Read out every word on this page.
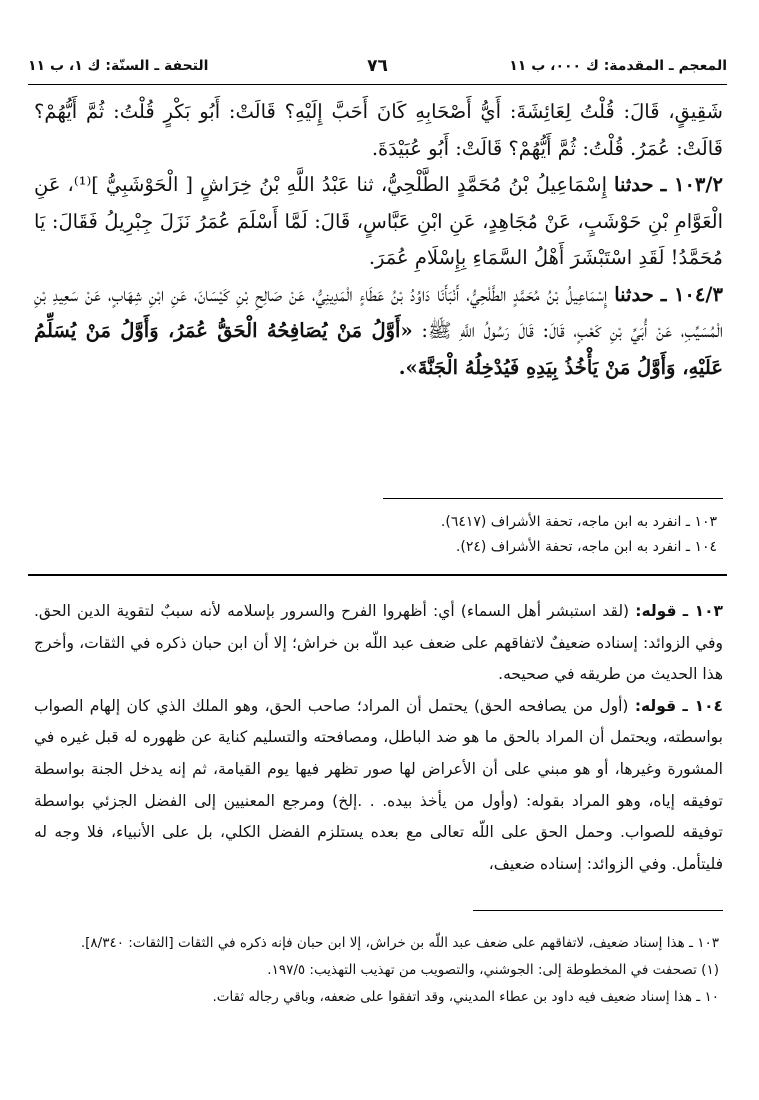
المعجم ـ المقدمة: ك ٠٠٠، ب ١١
٧٦
التحفة ـ السنّة: ك ١، ب ١١

شَقِيقٍ، قَالَ: قُلْتُ لِعَائِشَةَ: أَيُّ أَصْحَابِهِ كَانَ أَحَبَّ إِلَيْهِ؟ قَالَتْ: أَبُو بَكْرٍ قُلْتُ: ثُمَّ أَيُّهُمْ؟ قَالَتْ: عُمَرُ. قُلْتُ: ثُمَّ أَيُّهُمْ؟ قَالَتْ: أَبُو عُبَيْدَةَ.

١٠٣/٢ ـ حدثنا إِسْمَاعِيلُ بْنُ مُحَمَّدٍ الطَّلْحِيُّ، ثنا عَبْدُ اللَّهِ بْنُ خِرَاشٍ [ الْحَوْشَبِيُّ ]⁽¹⁾، عَنِ الْعَوَّامِ بْنِ حَوْشَبٍ، عَنْ مُجَاهِدٍ، عَنِ ابْنِ عَبَّاسٍ، قَالَ: لَمَّا أَسْلَمَ عُمَرُ نَزَلَ جِبْرِيلُ فَقَالَ: يَا مُحَمَّدُ! لَقَدِ اسْتَبْشَرَ أَهْلُ السَّمَاءِ بِإِسْلَامِ عُمَرَ.

١٠٤/٣ ـ حدثنا إِسْمَاعِيلُ بْنُ مُحَمَّدٍ الطَّلْحِيُّ، أَنْبَأَنَا دَاوُدُ بْنُ عَطَاءٍ الْمَدِينِيُّ، عَنْ صَالِحِ بْنِ كَيْسَانَ، عَنِ ابْنِ شِهَابٍ، عَنْ سَعِيدِ بْنِ الْمُسَيِّبِ، عَنْ أُبَيِّ بْنِ كَعْبٍ، قَالَ: قَالَ رَسُولُ اللَّهِ ﷺ: «أَوَّلُ مَنْ يُصَافِحُهُ الْحَقُّ عُمَرُ، وَأَوَّلُ مَنْ يُسَلِّمُ عَلَيْهِ، وَأَوَّلُ مَنْ يَأْخُذُ بِيَدِهِ فَيُدْخِلُهُ الْجَنَّةَ».

١٠٣ ـ انفرد به ابن ماجه، تحفة الأشراف (٦٤١٧).

١٠٤ ـ انفرد به ابن ماجه، تحفة الأشراف (٢٤).

١٠٣ ـ قوله: (لقد استبشر أهل السماء) أي: أظهروا الفرح والسرور بإسلامه لأنه سببٌ لتقوية الدين الحق. وفي الزوائد: إسناده ضعيفٌ لاتفاقهم على ضعف عبد اللّه بن خراش؛ إلا أن ابن حبان ذكره في الثقات، وأخرج هذا الحديث من طريقه في صحيحه.

١٠٤ ـ قوله: (أول من يصافحه الحق) يحتمل أن المراد؛ صاحب الحق، وهو الملك الذي كان إلهام الصواب بواسطته، ويحتمل أن المراد بالحق ما هو ضد الباطل، ومصافحته والتسليم كناية عن ظهوره له قبل غيره في المشورة وغيرها، أو هو مبني على أن الأعراض لها صور تظهر فيها يوم القيامة، ثم إنه يدخل الجنة بواسطة توفيقه إياه، وهو المراد بقوله: (وأول من يأخذ بيده. . .إلخ) ومرجع المعنيين إلى الفضل الجزئي بواسطة توفيقه للصواب. وحمل الحق على اللّه تعالى مع بعده يستلزم الفضل الكلي، بل على الأنبياء، فلا وجه له فليتأمل. وفي الزوائد: إسناده ضعيف،

١٠٣ ـ هذا إسناد ضعيف، لاتفاقهم على ضعف عبد اللّه بن خراش، إلا ابن حبان فإنه ذكره في الثقات [الثقات: ٨/٣٤٠].

(١) تصحفت في المخطوطة إلى: الجوشني، والتصويب من تهذيب التهذيب: ١٩٧/٥.

١٠ ـ هذا إسناد ضعيف فيه داود بن عطاء المديني، وقد اتفقوا على ضعفه، وباقي رجاله ثقات.
